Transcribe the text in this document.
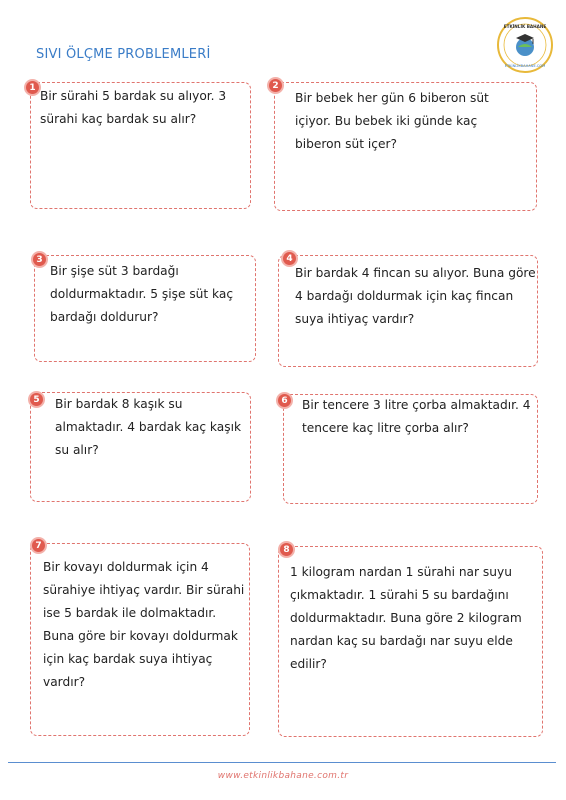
SIVI ÖLÇME PROBLEMLERİ
ETKİNLİK BAHANE
ETKİNLİKBAHANE.COM
1
Bir sürahi 5 bardak su alıyor. 3 sürahi kaç bardak su alır?
2
Bir bebek her gün 6 biberon süt içiyor. Bu bebek iki günde kaç biberon süt içer?
3
Bir şişe süt 3 bardağı doldurmaktadır. 5 şişe süt kaç bardağı doldurur?
4
Bir bardak 4 fincan su alıyor. Buna göre 4 bardağı doldurmak için kaç fincan suya ihtiyaç vardır?
5	Bir bardak 8 kaşık su almaktadır. 4 bardak kaç kaşık su alır?
6	Bir tencere 3 litre çorba almaktadır. 4 tencere kaç litre çorba alır?
7
Bir kovayı doldurmak için 4 sürahiye ihtiyaç vardır. Bir sürahi ise 5 bardak ile dolmaktadır. Buna göre bir kovayı doldurmak için kaç bardak suya ihtiyaç vardır?
8
1 kilogram nardan 1 sürahi nar suyu çıkmaktadır. 1 sürahi 5 su bardağını doldurmaktadır. Buna göre 2 kilogram nardan kaç su bardağı nar suyu elde edilir?
www.etkinlikbahane.com.tr
